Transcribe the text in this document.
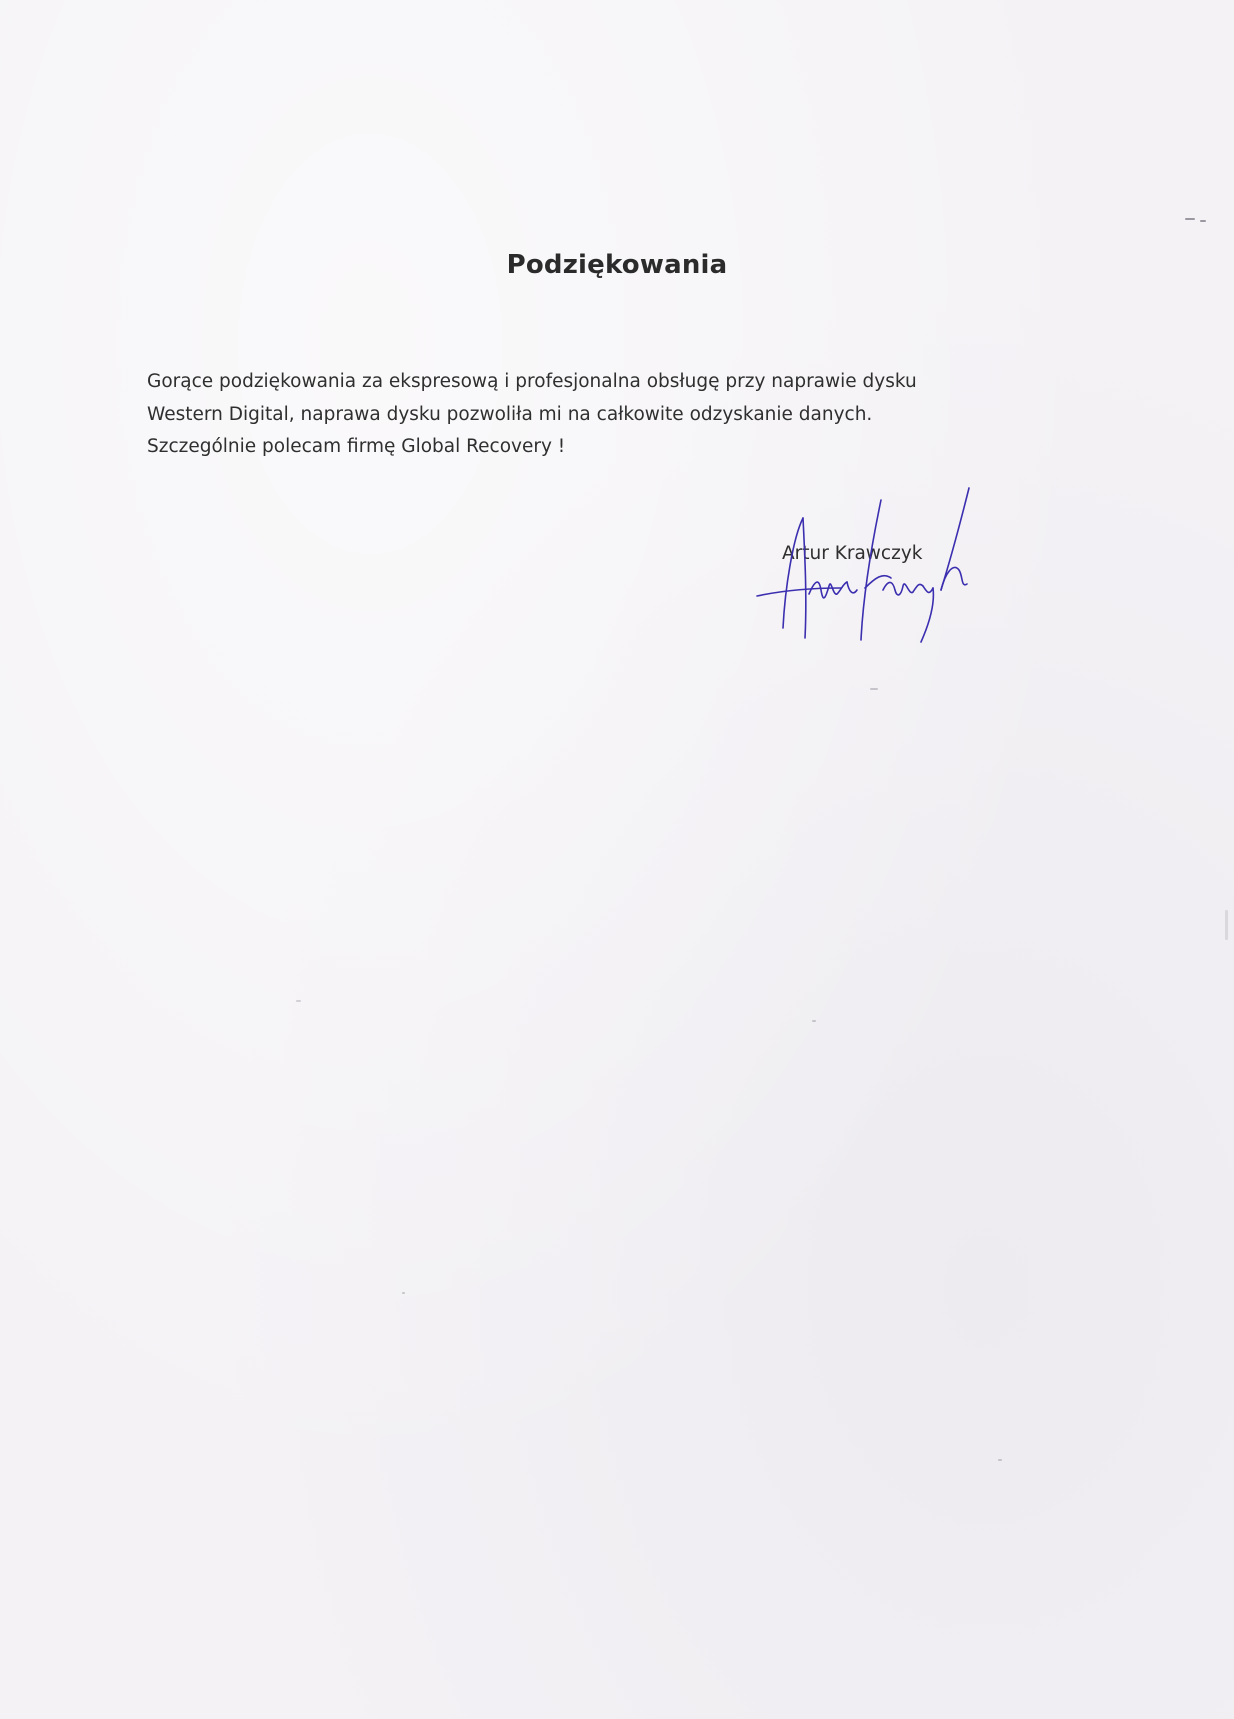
Podziękowania
Gorące podziękowania za ekspresową i profesjonalna obsługę przy naprawie dysku
Western Digital, naprawa dysku pozwoliła mi na całkowite odzyskanie danych.
Szczególnie polecam firmę Global Recovery !
Artur Krawczyk
